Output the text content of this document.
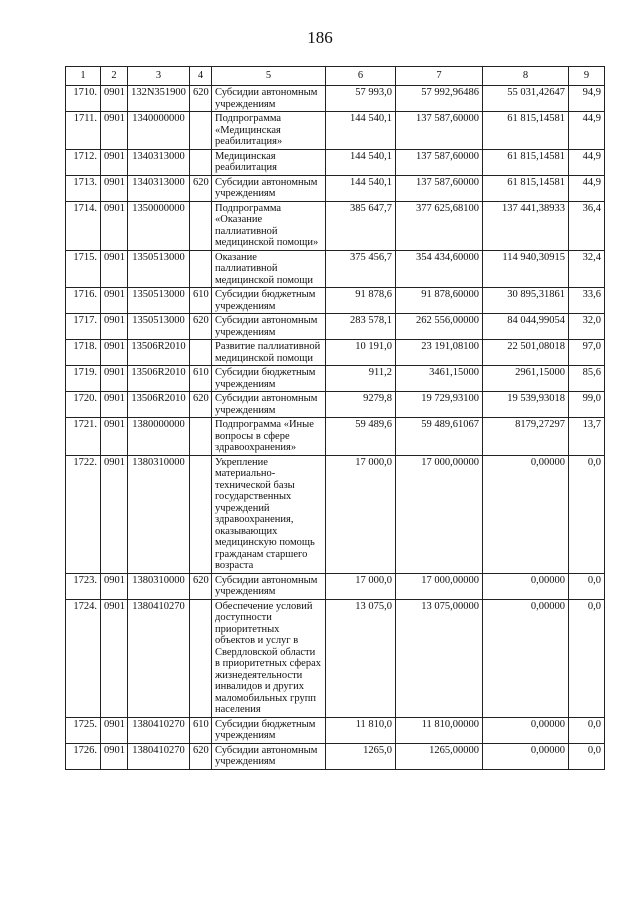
186
1	2	3	4	5	6	7	8	9
1710.	0901	132N351900	620	Субсидии автономным учреждениям	57 993,0	57 992,96486	55 031,42647	94,9
1711.	0901	1340000000		Подпрограмма «Медицинская реабилитация»	144 540,1	137 587,60000	61 815,14581	44,9
1712.	0901	1340313000		Медицинская реабилитация	144 540,1	137 587,60000	61 815,14581	44,9
1713.	0901	1340313000	620	Субсидии автономным учреждениям	144 540,1	137 587,60000	61 815,14581	44,9
1714.	0901	1350000000		Подпрограмма «Оказание паллиативной медицинской помощи»	385 647,7	377 625,68100	137 441,38933	36,4
1715.	0901	1350513000		Оказание паллиативной медицинской помощи	375 456,7	354 434,60000	114 940,30915	32,4
1716.	0901	1350513000	610	Субсидии бюджетным учреждениям	91 878,6	91 878,60000	30 895,31861	33,6
1717.	0901	1350513000	620	Субсидии автономным учреждениям	283 578,1	262 556,00000	84 044,99054	32,0
1718.	0901	13506R2010		Развитие паллиативной медицинской помощи	10 191,0	23 191,08100	22 501,08018	97,0
1719.	0901	13506R2010	610	Субсидии бюджетным учреждениям	911,2	3461,15000	2961,15000	85,6
1720.	0901	13506R2010	620	Субсидии автономным учреждениям	9279,8	19 729,93100	19 539,93018	99,0
1721.	0901	1380000000		Подпрограмма «Иные вопросы в сфере здравоохранения»	59 489,6	59 489,61067	8179,27297	13,7
1722.	0901	1380310000		Укрепление материально-технической базы государственных учреждений здравоохранения, оказывающих медицинскую помощь гражданам старшего возраста	17 000,0	17 000,00000	0,00000	0,0
1723.	0901	1380310000	620	Субсидии автономным учреждениям	17 000,0	17 000,00000	0,00000	0,0
1724.	0901	1380410270		Обеспечение условий доступности приоритетных объектов и услуг в Свердловской области в приоритетных сферах жизнедеятельности инвалидов и других маломобильных групп населения	13 075,0	13 075,00000	0,00000	0,0
1725.	0901	1380410270	610	Субсидии бюджетным учреждениям	11 810,0	11 810,00000	0,00000	0,0
1726.	0901	1380410270	620	Субсидии автономным учреждениям	1265,0	1265,00000	0,00000	0,0
